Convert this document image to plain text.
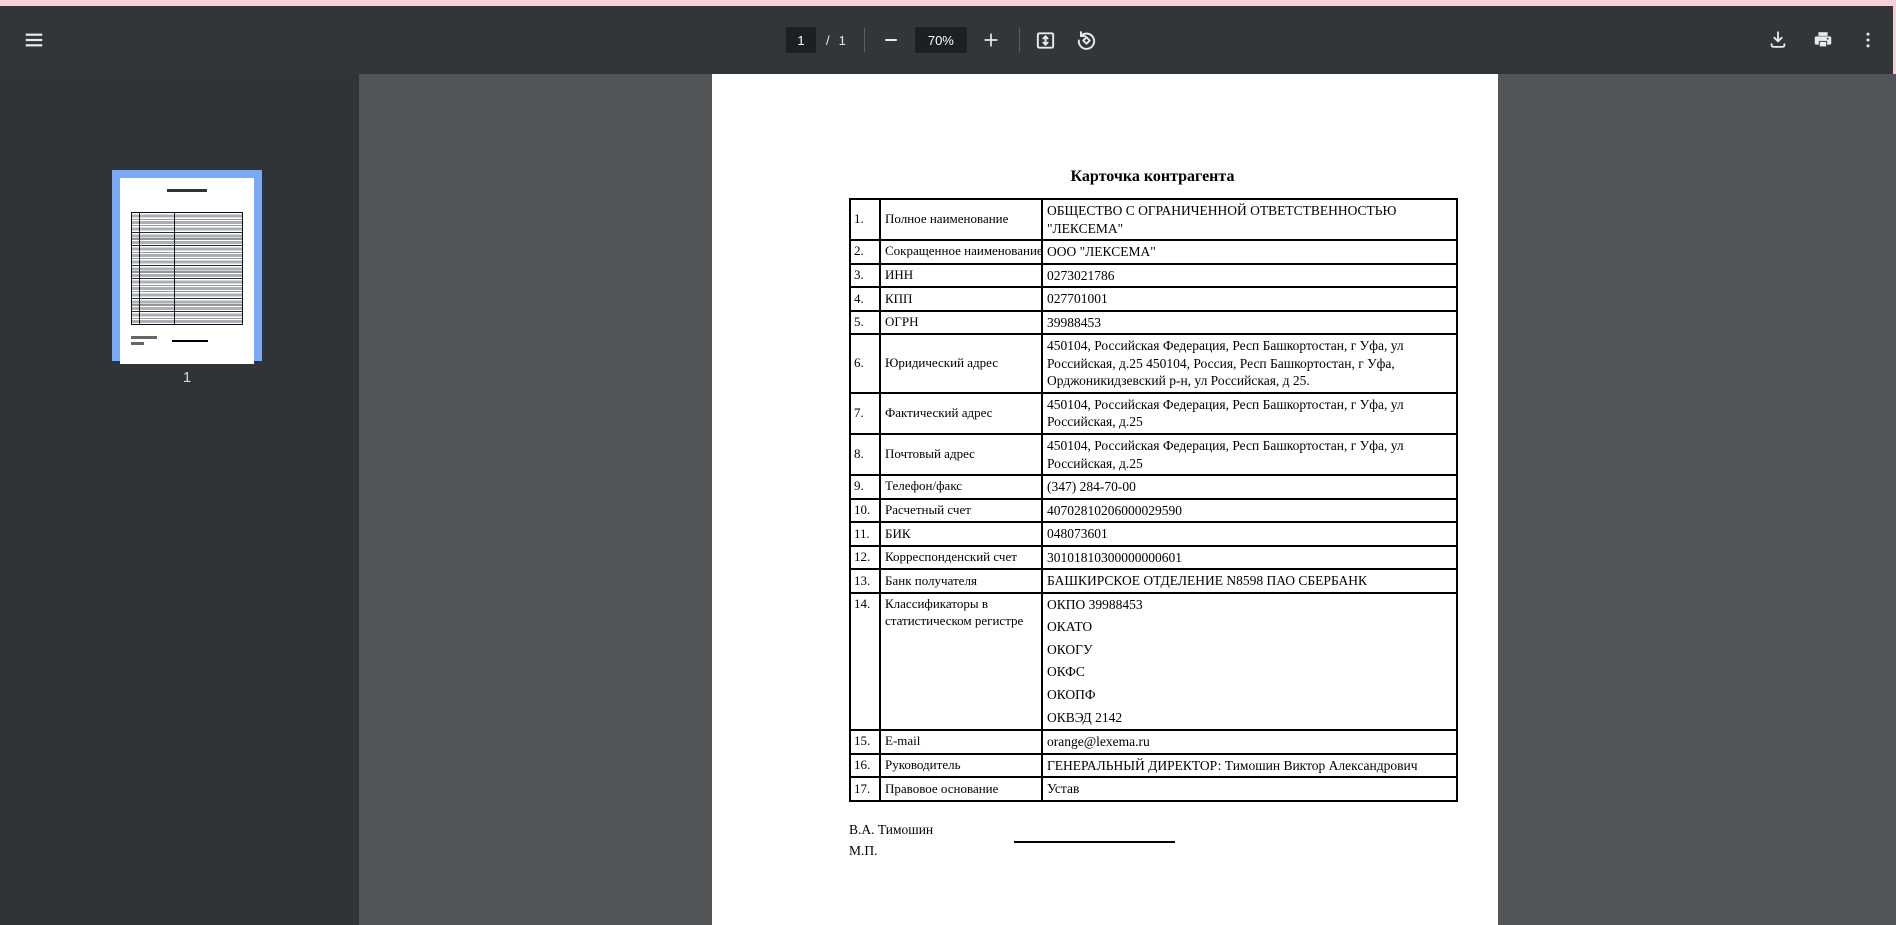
1
/ 1	70%
1
Карточка контрагента
1.	Полное наименование	ОБЩЕСТВО С ОГРАНИЧЕННОЙ ОТВЕТСТВЕННОСТЬЮ "ЛЕКСЕМА"
2.	Сокращенное наименование	ООО "ЛЕКСЕМА"
3.	ИНН	0273021786
4.	КПП	027701001
5.	ОГРН	39988453
6.	Юридический адрес	450104, Российская Федерация, Респ Башкортостан, г Уфа, ул Российская, д.25 450104, Россия, Респ Башкортостан, г Уфа, Орджоникидзевский р-н, ул Российская, д 25.
7.	Фактический адрес	450104, Российская Федерация, Респ Башкортостан, г Уфа, ул Российская, д.25
8.	Почтовый адрес	450104, Российская Федерация, Респ Башкортостан, г Уфа, ул Российская, д.25
9.	Телефон/факс	(347) 284-70-00
10.	Расчетный счет	40702810206000029590
11.	БИК	048073601
12.	Корреспонденский счет	30101810300000000601
13.	Банк получателя	БАШКИРСКОЕ ОТДЕЛЕНИЕ N8598 ПАО СБЕРБАНК
14.	Классификаторы в статистическом регистре	
ОКПО 39988453
ОКАТО
ОКОГУ
ОКФС
ОКОПФ
ОКВЭД 2142

15.	E-mail	orange@lexema.ru
16.	Руководитель	ГЕНЕРАЛЬНЫЙ ДИРЕКТОР: Тимошин Виктор Александрович
17.	Правовое основание	Устав
В.А. Тимошин
М.П.
